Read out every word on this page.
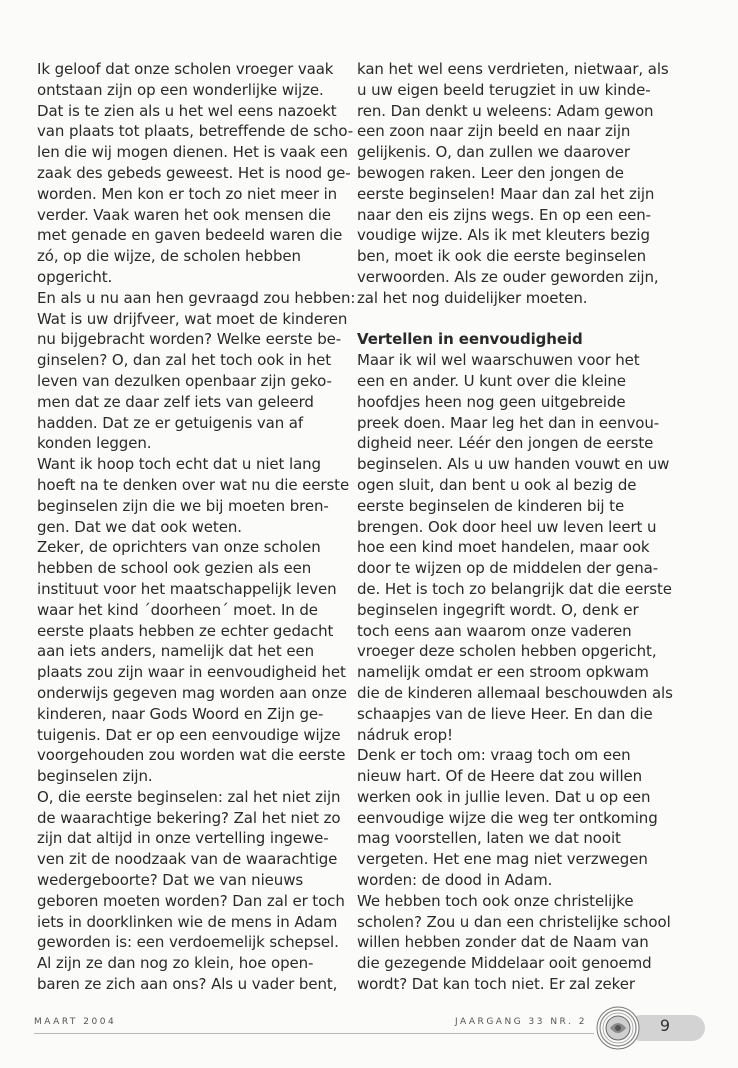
Ik geloof dat onze scholen vroeger vaak

ontstaan zijn op een wonderlijke wijze.

Dat is te zien als u het wel eens nazoekt

van plaats tot plaats, betreffende de scho-

len die wij mogen dienen. Het is vaak een

zaak des gebeds geweest. Het is nood ge-

worden. Men kon er toch zo niet meer in

verder. Vaak waren het ook mensen die

met genade en gaven bedeeld waren die

zó, op die wijze, de scholen hebben

opgericht.

En als u nu aan hen gevraagd zou hebben:

Wat is uw drijfveer, wat moet de kinderen

nu bijgebracht worden? Welke eerste be-

ginselen? O, dan zal het toch ook in het

leven van dezulken openbaar zijn geko-

men dat ze daar zelf iets van geleerd

hadden. Dat ze er getuigenis van af

konden leggen.

Want ik hoop toch echt dat u niet lang

hoeft na te denken over wat nu die eerste

beginselen zijn die we bij moeten bren-

gen. Dat we dat ook weten.

Zeker, de oprichters van onze scholen

hebben de school ook gezien als een

instituut voor het maatschappelijk leven

waar het kind ´doorheen´ moet. In de

eerste plaats hebben ze echter gedacht

aan iets anders, namelijk dat het een

plaats zou zijn waar in eenvoudigheid het

onderwijs gegeven mag worden aan onze

kinderen, naar Gods Woord en Zijn ge-

tuigenis. Dat er op een eenvoudige wijze

voorgehouden zou worden wat die eerste

beginselen zijn.

O, die eerste beginselen: zal het niet zijn

de waarachtige bekering? Zal het niet zo

zijn dat altijd in onze vertelling ingewe-

ven zit de noodzaak van de waarachtige

wedergeboorte? Dat we van nieuws

geboren moeten worden? Dan zal er toch

iets in doorklinken wie de mens in Adam

geworden is: een verdoemelijk schepsel.

Al zijn ze dan nog zo klein, hoe open-

baren ze zich aan ons? Als u vader bent,

kan het wel eens verdrieten, nietwaar, als

u uw eigen beeld terugziet in uw kinde-

ren. Dan denkt u weleens: Adam gewon

een zoon naar zijn beeld en naar zijn

gelijkenis. O, dan zullen we daarover

bewogen raken. Leer den jongen de

eerste beginselen! Maar dan zal het zijn

naar den eis zijns wegs. En op een een-

voudige wijze. Als ik met kleuters bezig

ben, moet ik ook die eerste beginselen

verwoorden. Als ze ouder geworden zijn,

zal het nog duidelijker moeten.

Vertellen in eenvoudigheid

Maar ik wil wel waarschuwen voor het

een en ander. U kunt over die kleine

hoofdjes heen nog geen uitgebreide

preek doen. Maar leg het dan in eenvou-

digheid neer. Léér den jongen de eerste

beginselen. Als u uw handen vouwt en uw

ogen sluit, dan bent u ook al bezig de

eerste beginselen de kinderen bij te

brengen. Ook door heel uw leven leert u

hoe een kind moet handelen, maar ook

door te wijzen op de middelen der gena-

de. Het is toch zo belangrijk dat die eerste

beginselen ingegrift wordt. O, denk er

toch eens aan waarom onze vaderen

vroeger deze scholen hebben opgericht,

namelijk omdat er een stroom opkwam

die de kinderen allemaal beschouwden als

schaapjes van de lieve Heer. En dan die

nádruk erop!

Denk er toch om: vraag toch om een

nieuw hart. Of de Heere dat zou willen

werken ook in jullie leven. Dat u op een

eenvoudige wijze die weg ter ontkoming

mag voorstellen, laten we dat nooit

vergeten. Het ene mag niet verzwegen

worden: de dood in Adam.

We hebben toch ook onze christelijke

scholen? Zou u dan een christelijke school

willen hebben zonder dat de Naam van

die gezegende Middelaar ooit genoemd

wordt? Dat kan toch niet. Er zal zeker

MAART 2004	JAARGANG 33 NR. 2	9
